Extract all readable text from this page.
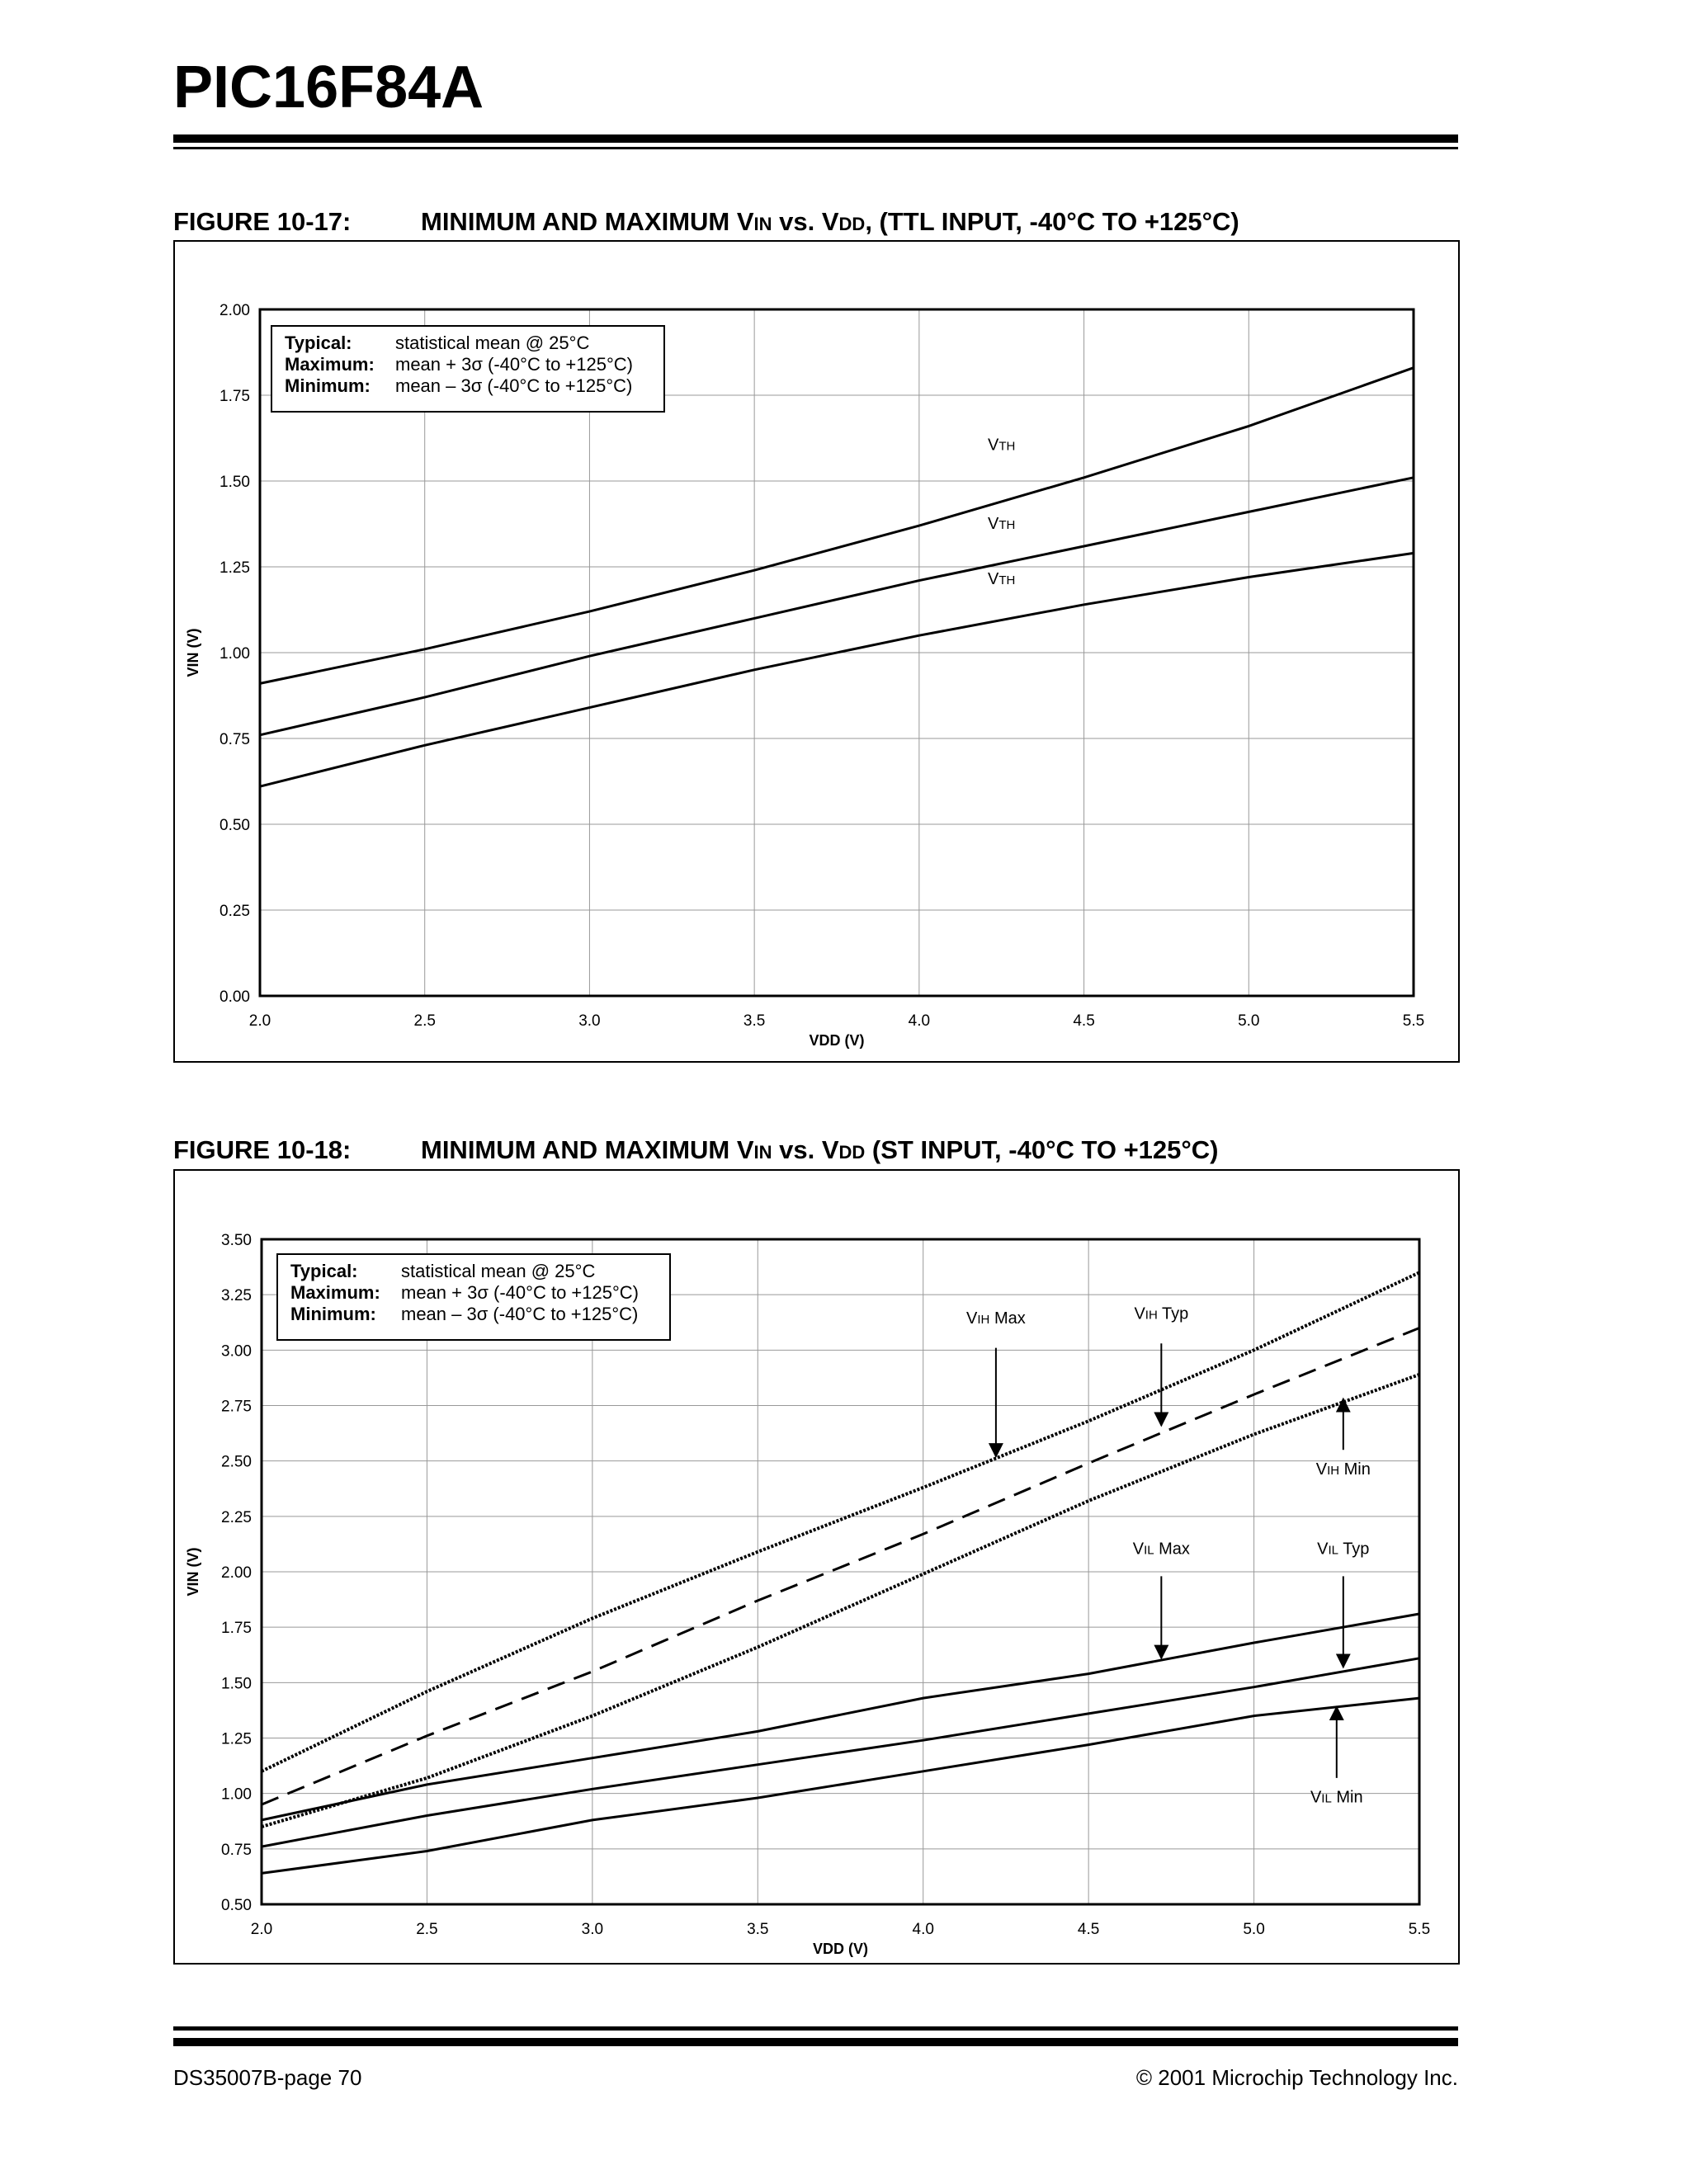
PIC16F84A
FIGURE 10-17:	MINIMUM AND MAXIMUM VIN vs. VDD, (TTL INPUT, -40°C TO +125°C)
2.0	2.5	3.0	3.5	4.0	4.5	5.0	5.5
0.00
0.25
0.50
0.75
1.00
1.25
1.50
1.75
2.00
VDD (V)
VIN (V)
Typical: statistical mean @ 25°C
Maximum: mean + 3σ (-40°C to +125°C)
Minimum: mean – 3σ (-40°C to +125°C)
VTH
VTH
VTH
FIGURE 10-18:	MINIMUM AND MAXIMUM VIN vs. VDD (ST INPUT, -40°C TO +125°C)
2.0	2.5	3.0	3.5	4.0	4.5	5.0	5.5
0.50
0.75
1.00
1.25
1.50
1.75
2.00
2.25
2.50
2.75
3.00
3.25
3.50
VDD (V)
VIN (V)
Typical: statistical mean @ 25°C
Maximum: mean + 3σ (-40°C to +125°C)
Minimum: mean – 3σ (-40°C to +125°C)	VIH Max	VIH Typ
VIH Min
VIL Max	VIL Typ
VIL Min
DS35007B-page 70	© 2001 Microchip Technology Inc.
